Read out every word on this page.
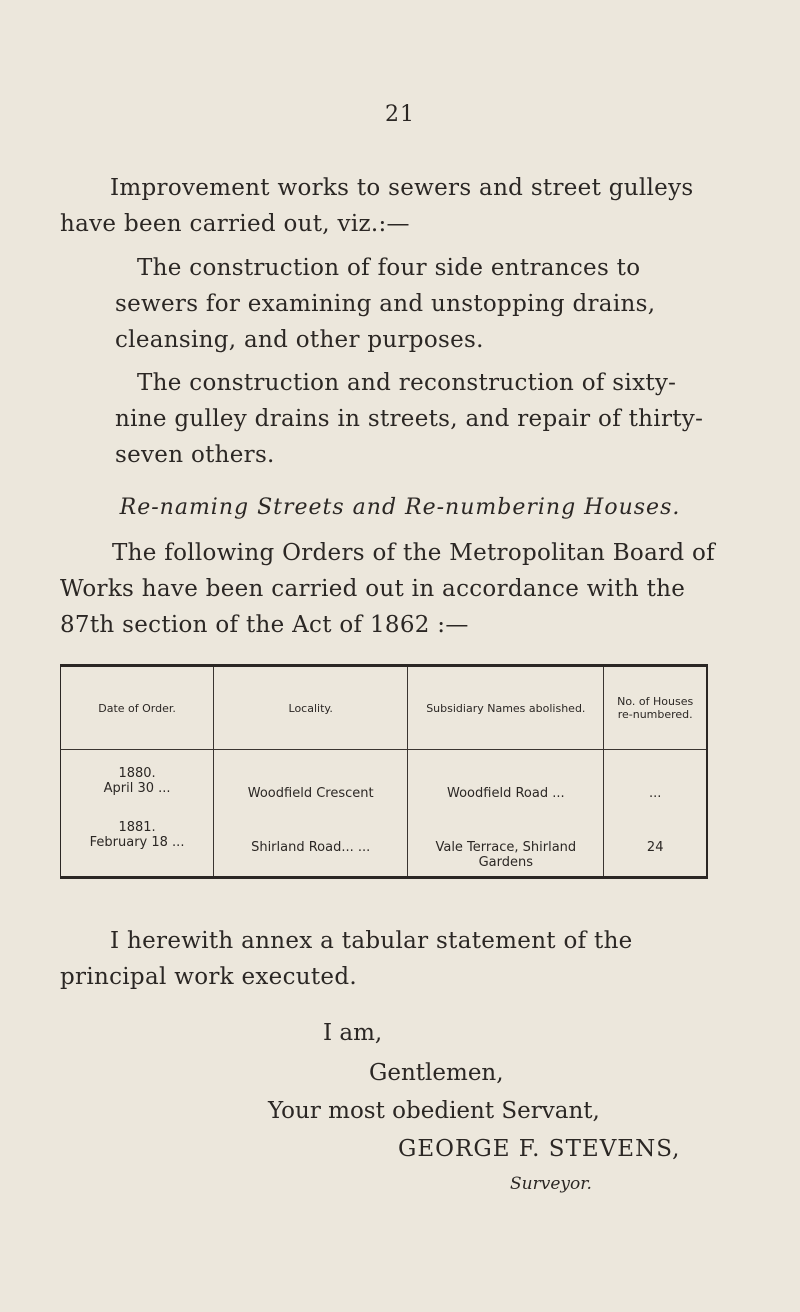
21

Improvement works to sewers and street gulleys have been carried out, viz.:—

The construction of four side entrances to sewers for examining and unstopping drains, cleansing, and other purposes.

The construction and reconstruction of sixty-nine gulley drains in streets, and repair of thirty-seven others.

Re-naming Streets and Re-numbering Houses.

The following Orders of the Metropolitan Board of Works have been carried out in accordance with the 87th section of the Act of 1862 :—

Date of Order.	Locality.	Subsidiary Names abolished.	No. of Houses re-numbered.

1880.
April 30 ...	Woodfield Crescent	Woodfield Road ...	...

1881.
February 18 ...	Shirland Road... ...	Vale Terrace, Shirland Gardens	24

I herewith annex a tabular statement of the principal work executed.

I am,
Gentlemen,
Your most obedient Servant,
GEORGE F. STEVENS,
Surveyor.
